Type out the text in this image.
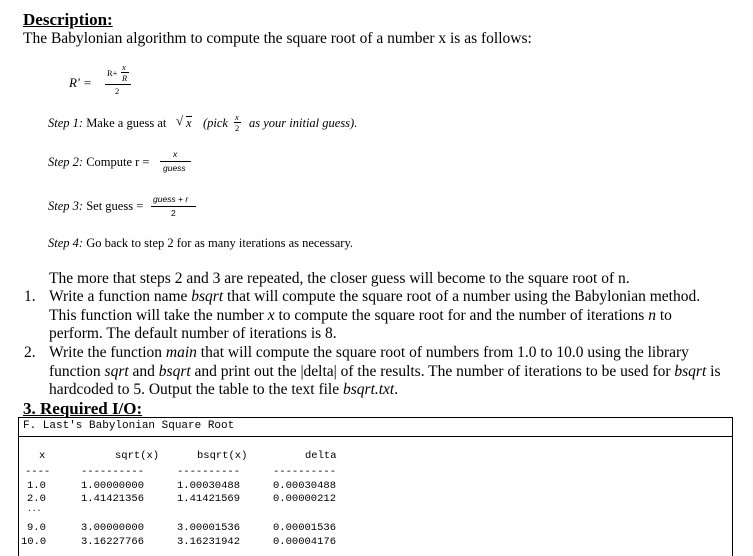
Description:
The Babylonian algorithm to compute the square root of a number x is as follows:
R' =
R+
x
R
2
Step 1: Make a guess at √ x (pick x
2 as your initial guess).
Step 2: Compute r =
x
guess
Step 3: Set guess = guess + r
2
Step 4: Go back to step 2 for as many iterations as necessary.
The more that steps 2 and 3 are repeated, the closer guess will become to the square root of n.
1. Write a function name bsqrt that will compute the square root of a number using the Babylonian method.
This function will take the number x to compute the square root for and the number of iterations n to
perform. The default number of iterations is 8.
2. Write the function main that will compute the square root of numbers from 1.0 to 10.0 using the library
function sqrt and bsqrt and print out the |delta| of the results. The number of iterations to be used for bsqrt is
hardcoded to 5. Output the table to the text file bsqrt.txt.
3. Required I/O:
F. Last's Babylonian Square Root
x	sqrt(x)	bsqrt(x)	delta
----	----------	----------	----------
1.0	1.00000000	1.00030488	0.00030488
2.0	1.41421356	1.41421569	0.00000212
...
9.0	3.00000000	3.00001536	0.00001536
10.0	3.16227766	3.16231942	0.00004176
